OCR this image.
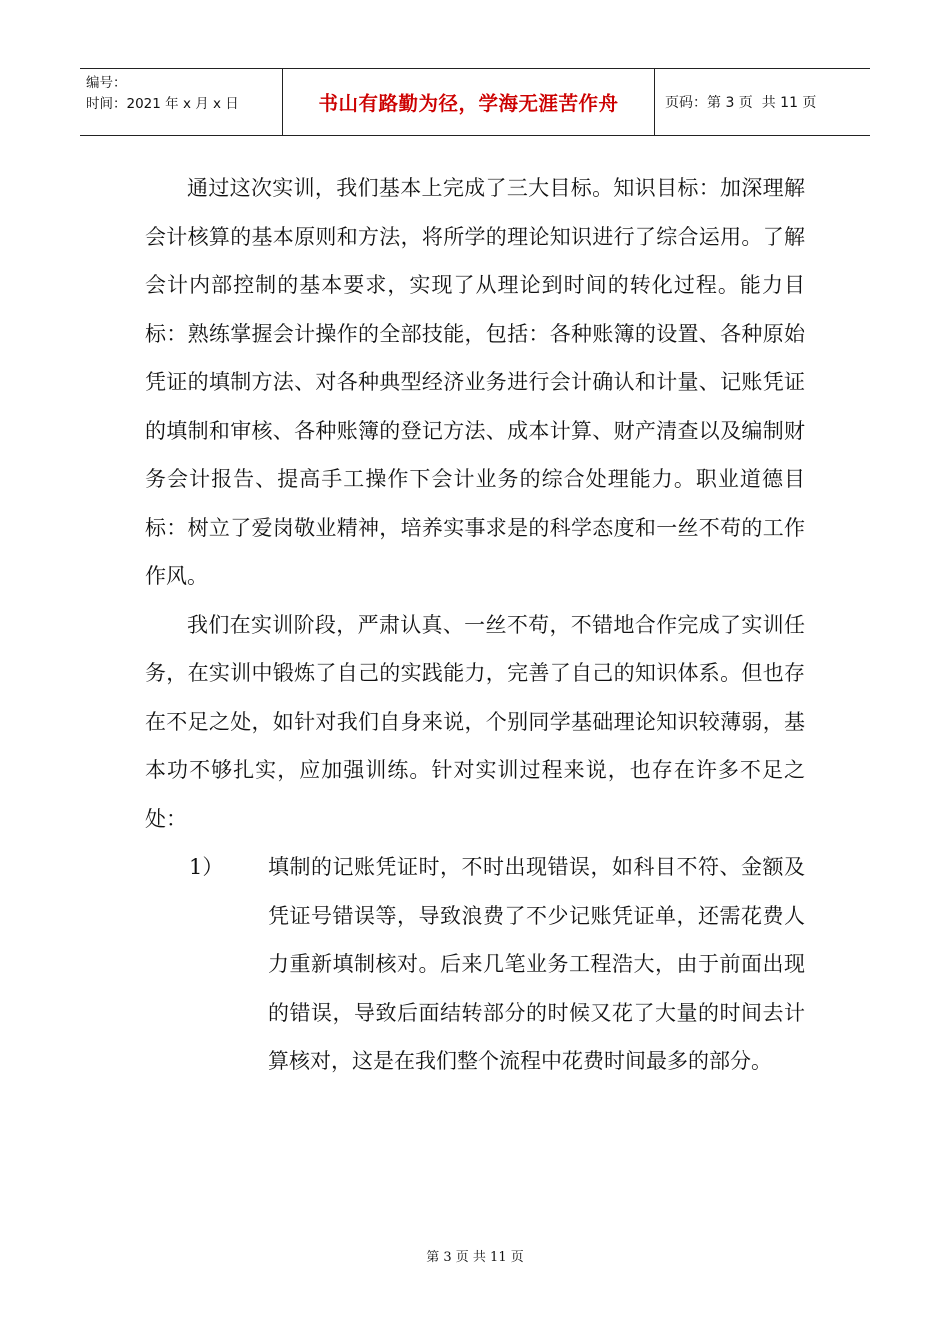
编号：
时间：2021 年 x 月 x 日	书山有路勤为径，学海无涯苦作舟	页码：第 3 页  共 11 页

通过这次实训，我们基本上完成了三大目标。知识目标：加深理解会计核算的基本原则和方法，将所学的理论知识进行了综合运用。了解会计内部控制的基本要求，实现了从理论到时间的转化过程。能力目标：熟练掌握会计操作的全部技能，包括：各种账簿的设置、各种原始凭证的填制方法、对各种典型经济业务进行会计确认和计量、记账凭证的填制和审核、各种账簿的登记方法、成本计算、财产清查以及编制财务会计报告、提高手工操作下会计业务的综合处理能力。职业道德目标：树立了爱岗敬业精神，培养实事求是的科学态度和一丝不苟的工作作风。

我们在实训阶段，严肃认真、一丝不苟，不错地合作完成了实训任务，在实训中锻炼了自己的实践能力，完善了自己的知识体系。但也存在不足之处，如针对我们自身来说，个别同学基础理论知识较薄弱，基本功不够扎实，应加强训练。针对实训过程来说，也存在许多不足之处：

1） 填制的记账凭证时，不时出现错误，如科目不符、金额及凭证号错误等，导致浪费了不少记账凭证单，还需花费人力重新填制核对。后来几笔业务工程浩大，由于前面出现的错误，导致后面结转部分的时候又花了大量的时间去计算核对，这是在我们整个流程中花费时间最多的部分。
第 3 页 共 11 页
